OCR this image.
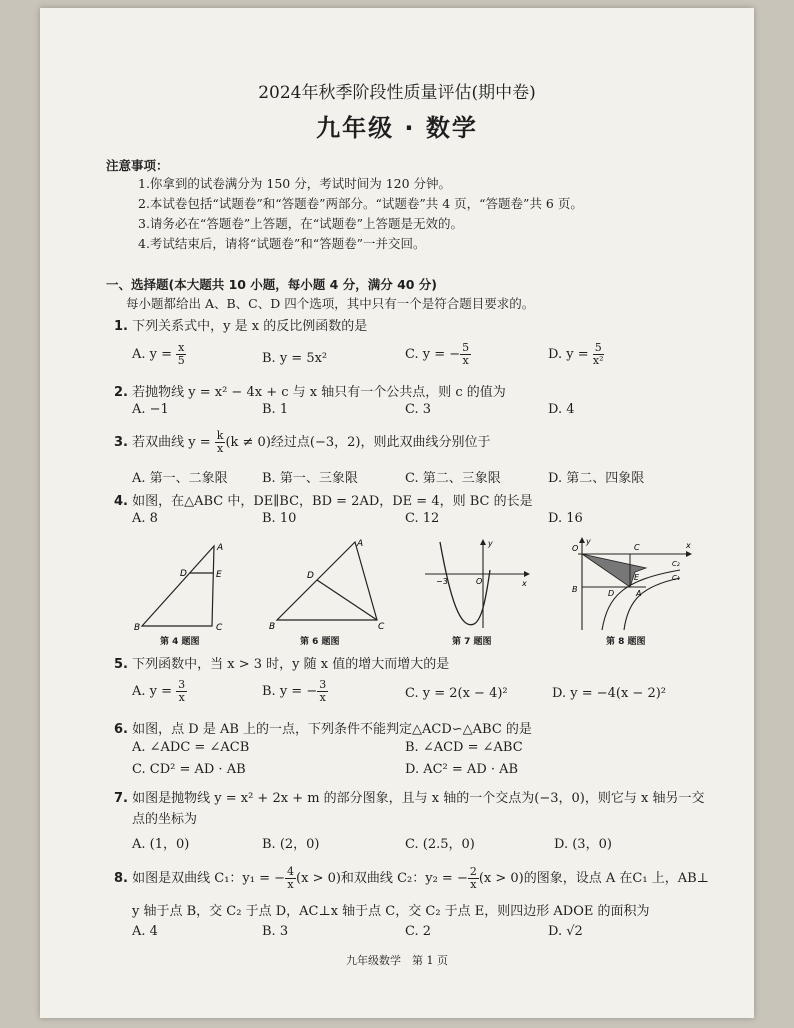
2024年秋季阶段性质量评估(期中卷)
九年级 · 数学
注意事项：
1.你拿到的试卷满分为 150 分，考试时间为 120 分钟。
2.本试卷包括“试题卷”和“答题卷”两部分。“试题卷”共 4 页，“答题卷”共 6 页。
3.请务必在“答题卷”上答题，在“试题卷”上答题是无效的。
4.考试结束后，请将“试题卷”和“答题卷”一并交回。
一、选择题(本大题共 10 小题，每小题 4 分，满分 40 分)
每小题都给出 A、B、C、D 四个选项，其中只有一个是符合题目要求的。
1. 下列关系式中，y 是 x 的反比例函数的是
A. $y = \frac{x}{5}$	B. y = 5x²	C. y = − $\frac{5}{x}$	D. $y = \frac{5}{\text{x²}}$
2. 若抛物线 y = x² − 4x + c 与 x 轴只有一个公共点，则 c 的值为
A. −1	B. 1	C. 3	D. 4
3. 若双曲线 $y = \frac{k}{x} (k \ne 0)$经过点(−3，2)，则此双曲线分别位于
A. 第一、二象限	B. 第一、三象限	C. 第二、三象限	D. 第二、四象限
4. 如图，在△ABC 中，DE∥BC，BD = 2AD，DE = 4，则 BC 的长是
A. 8	B. 10	C. 12	D. 16
A
D	E
B	C
第 4 题图
A
D
B	C
第 6 题图
−3	O	x
y
第 7 题图
O	C
B	D	A
E
C₂
C₁
x
y
第 8 题图
5. 下列函数中，当 x > 3 时，y 随 x 值的增大而增大的是
A. $y = \frac{3}{x}$	B. y = − $\frac{3}{x}$	C. y = 2(x − 4)²	D. y = −4(x − 2)²
6. 如图，点 D 是 AB 上的一点，下列条件不能判定△ACD∽△ABC 的是
A. ∠ADC = ∠ACB	B. ∠ACD = ∠ABC
C. CD² = AD · AB	D. AC² = AD · AB
7. 如图是抛物线 y = x² + 2x + m 的部分图象，且与 x 轴的一个交点为(−3，0)，则它与 x 轴另一交
点的坐标为
A. (1，0)	B. (2，0)	C. (2.5，0)	D. (3，0)
8. 如图是双曲线 C₁：y₁ = − $\frac{4}{x} (x > 0)$和双曲线 C₂：y₂ = − $\frac{2}{x} (x > 0)$的图象，设点 A 在C₁ 上，AB⊥
y 轴于点 B，交 C₂ 于点 D，AC⊥x 轴于点 C，交 C₂ 于点 E，则四边形 ADOE 的面积为
A. 4	B. 3	C. 2	D. √2
九年级数学　第 1 页
